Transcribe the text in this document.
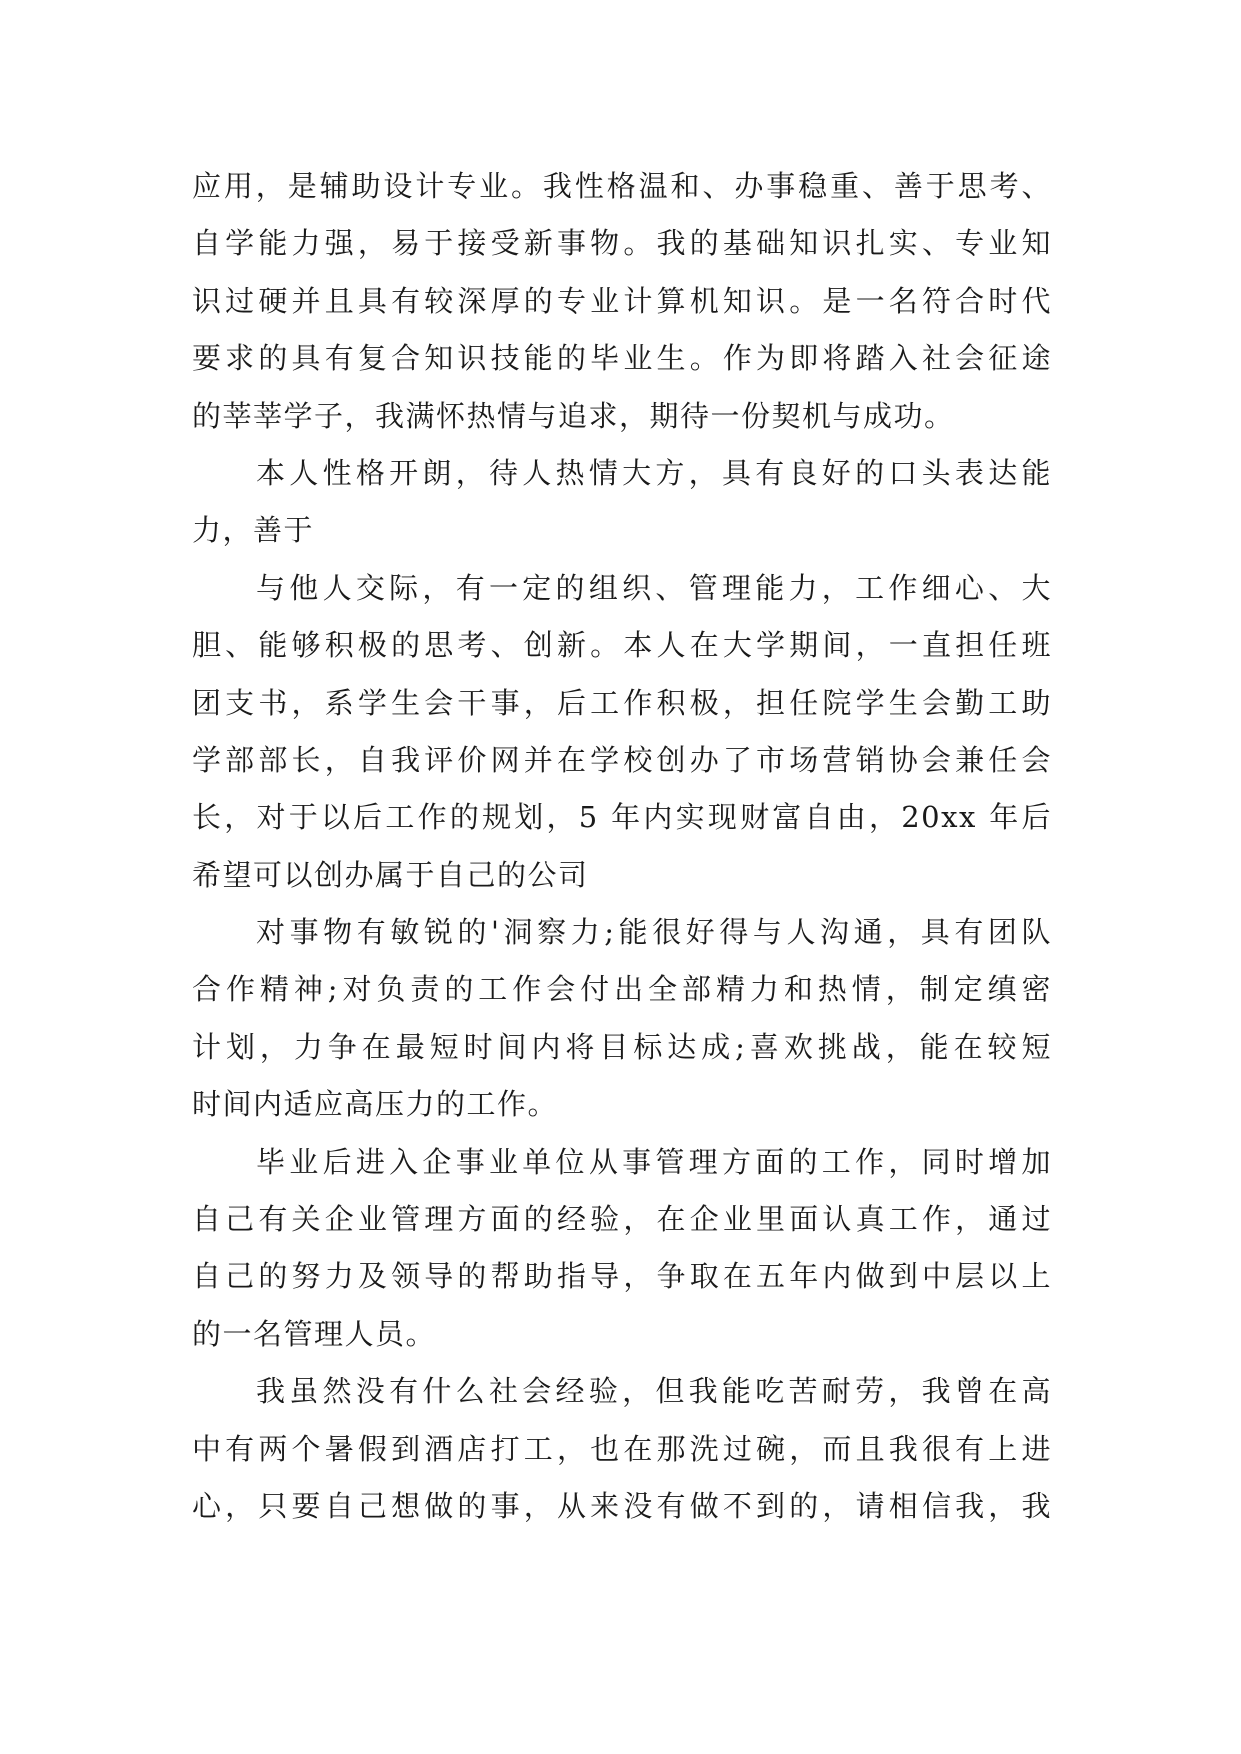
应用，是辅助设计专业。我性格温和、办事稳重、善于思考、
自学能力强，易于接受新事物。我的基础知识扎实、专业知
识过硬并且具有较深厚的专业计算机知识。是一名符合时代
要求的具有复合知识技能的毕业生。作为即将踏入社会征途
的莘莘学子，我满怀热情与追求，期待一份契机与成功。
本人性格开朗，待人热情大方，具有良好的口头表达能
力，善于
与他人交际，有一定的组织、管理能力，工作细心、大
胆、能够积极的思考、创新。本人在大学期间，一直担任班
团支书，系学生会干事，后工作积极，担任院学生会勤工助
学部部长，自我评价网并在学校创办了市场营销协会兼任会
长，对于以后工作的规划，5 年内实现财富自由，20xx 年后
希望可以创办属于自己的公司
对事物有敏锐的'洞察力;能很好得与人沟通，具有团队
合作精神;对负责的工作会付出全部精力和热情，制定缜密
计划，力争在最短时间内将目标达成;喜欢挑战，能在较短
时间内适应高压力的工作。
毕业后进入企事业单位从事管理方面的工作，同时增加
自己有关企业管理方面的经验，在企业里面认真工作，通过
自己的努力及领导的帮助指导，争取在五年内做到中层以上
的一名管理人员。
我虽然没有什么社会经验，但我能吃苦耐劳，我曾在高
中有两个暑假到酒店打工，也在那洗过碗，而且我很有上进
心，只要自己想做的事，从来没有做不到的，请相信我，我
